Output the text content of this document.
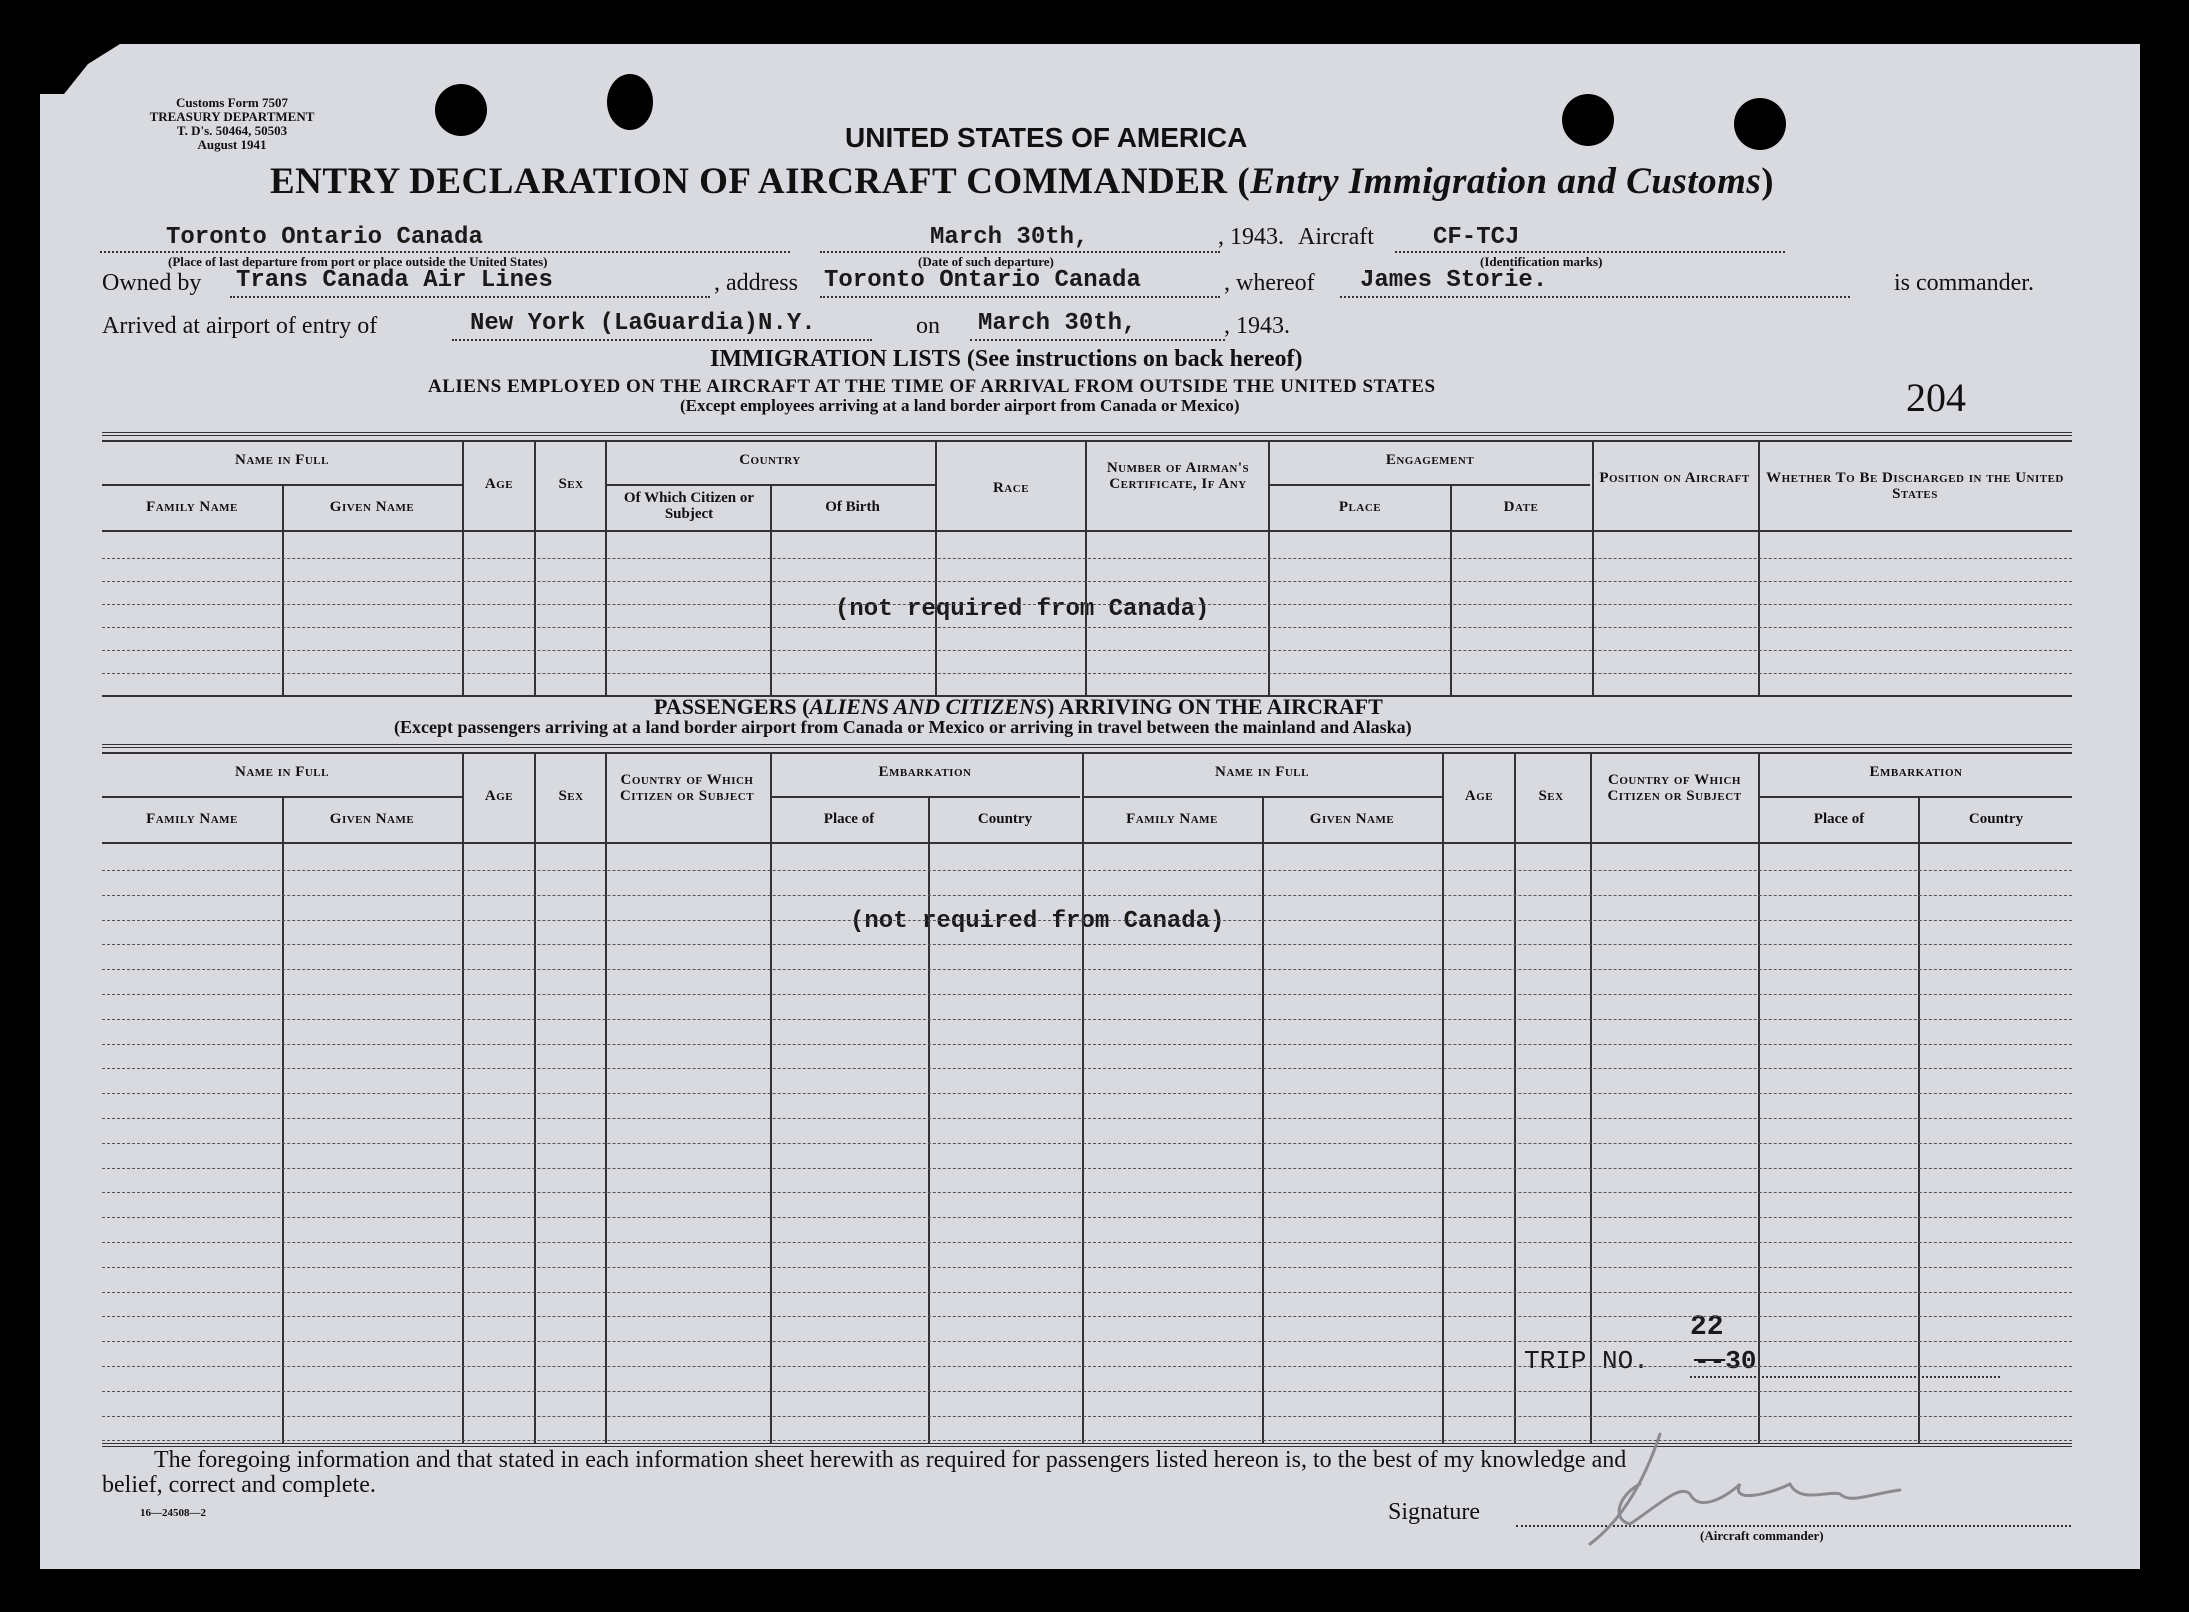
Customs Form 7507
TREASURY DEPARTMENT
T. D's. 50464, 50503
August 1941	UNITED STATES OF AMERICA
ENTRY DECLARATION OF AIRCRAFT COMMANDER (Entry Immigration and Customs)
Toronto Ontario Canada
(Place of last departure from port or place outside the United States)
March 30th,
(Date of such departure)
, 1943. Aircraft CF-TCJ
(Identification marks)
Owned by Trans Canada Air Lines	, address Toronto Ontario Canada	, whereof James Storie.	is commander.
Arrived at airport of entry of	New York (LaGuardia)N.Y.	on March 30th,	, 1943.
IMMIGRATION LISTS (See instructions on back hereof)
ALIENS EMPLOYED ON THE AIRCRAFT AT THE TIME OF ARRIVAL FROM OUTSIDE THE UNITED STATES
(Except employees arriving at a land border airport from Canada or Mexico)	204
Name in Full
Family Name	Given Name
Age	Sex
Country
Of Which Citizen or Subject	Of Birth
Race
Number of Airman's Certificate, If Any
Engagement
Place	Date
Position on Aircraft	Whether To Be Discharged in the United States
(not required from Canada)
PASSENGERS (ALIENS AND CITIZENS) ARRIVING ON THE AIRCRAFT
(Except passengers arriving at a land border airport from Canada or Mexico or arriving in travel between the mainland and Alaska)
Name in Full
Family Name	Given Name
Age	Sex
Country of Which Citizen or Subject
Embarkation
Place of	Country
Name in Full
Family Name	Given Name
Age	Sex
Country of Which Citizen or Subject
Embarkation
Place of	Country
(not required from Canada)
TRIP NO.
22
--30
The foregoing information and that stated in each information sheet herewith as required for passengers listed hereon is, to the best of my knowledge and
belief, correct and complete.
16—24508—2	Signature
(Aircraft commander)
